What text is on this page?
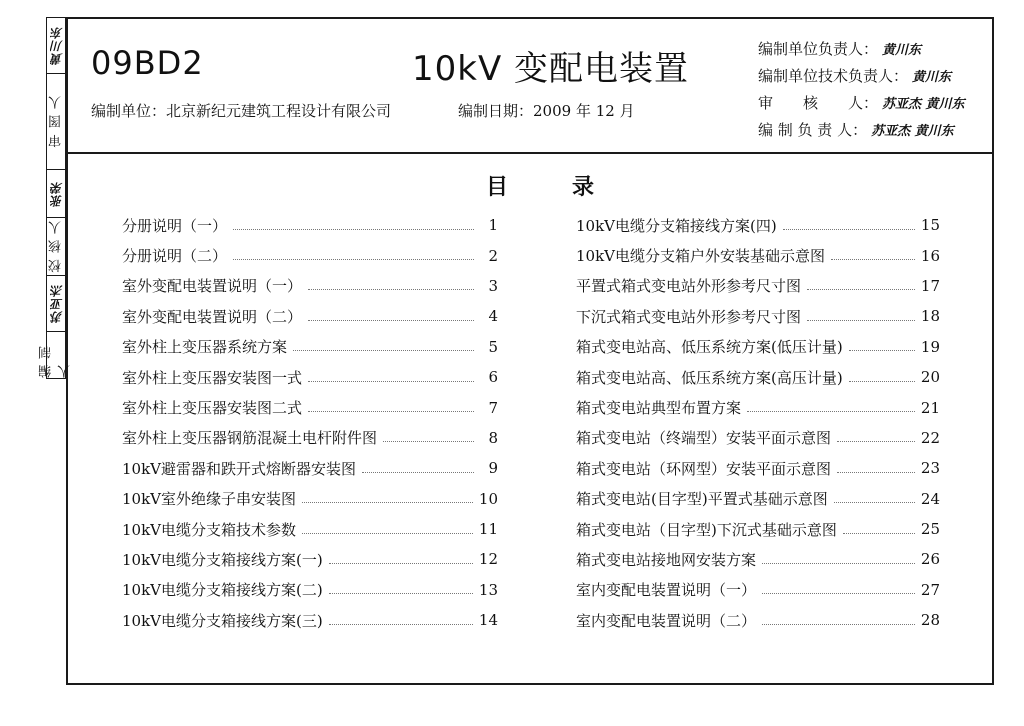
黄川东
审 图 人
张荣
校 核 人
苏亚杰
编 制 人
09BD2	10kV 变配电装置
编制单位：北京新纪元建筑工程设计有限公司	编制日期：2009 年 12 月
编制单位负责人： 黄川东
编制单位技术负责人： 黄川东
审　　核　　人： 苏亚杰 黄川东
编 制 负 责 人： 苏亚杰 黄川东
目	录
分册说明（一）	1
分册说明（二）	2
室外变配电装置说明（一）	3
室外变配电装置说明（二）	4
室外柱上变压器系统方案	5
室外柱上变压器安装图一式	6
室外柱上变压器安装图二式	7
室外柱上变压器钢筋混凝土电杆附件图	8
10kV避雷器和跌开式熔断器安装图	9
10kV室外绝缘子串安装图	10
10kV电缆分支箱技术参数	11
10kV电缆分支箱接线方案(一)	12
10kV电缆分支箱接线方案(二)	13
10kV电缆分支箱接线方案(三)	14
10kV电缆分支箱接线方案(四)	15
10kV电缆分支箱户外安装基础示意图	16
平置式箱式变电站外形参考尺寸图	17
下沉式箱式变电站外形参考尺寸图	18
箱式变电站高、低压系统方案(低压计量)	19
箱式变电站高、低压系统方案(高压计量)	20
箱式变电站典型布置方案	21
箱式变电站（终端型）安装平面示意图	22
箱式变电站（环网型）安装平面示意图	23
箱式变电站(目字型)平置式基础示意图	24
箱式变电站（目字型)下沉式基础示意图	25
箱式变电站接地网安装方案	26
室内变配电装置说明（一）	27
室内变配电装置说明（二）	28
